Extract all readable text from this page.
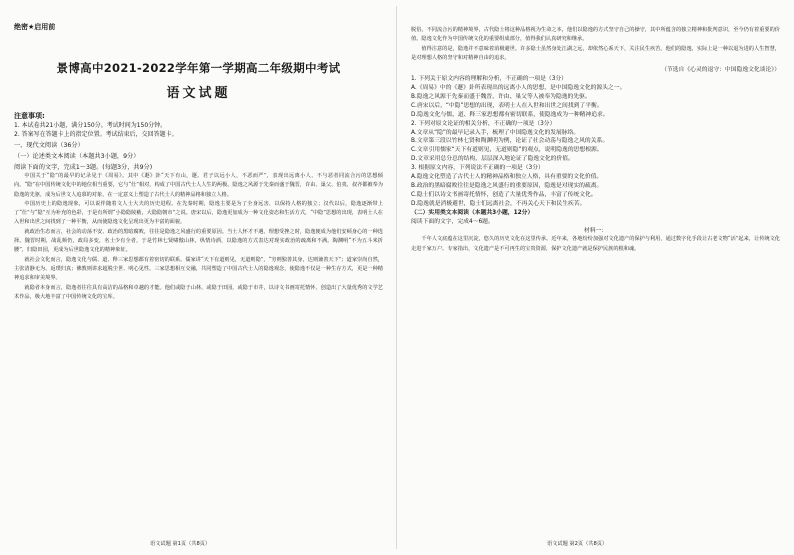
绝密★启用前
景博高中2021-2022学年第一学期高二年级期中考试
语文试题
注意事项:
1. 本试卷共21小题，满分150分。考试时间为150分钟。
2. 答案写在答题卡上的指定位置。考试结束后，交回答题卡。
一、现代文阅读（36分）
（一）论述类文本阅读（本题共3小题，9分）
阅读下面的文字，完成1～3题。(每题3分，共9分)

中国关于“隐”的最早的记录见于《周易》。其中《遯》卦“天下有山，遯。君子以远小人，不恶而严”，表现出远离小人、不与恶者同流合污的思想倾向。“隐”在中国传统文化中的地位相当重要，它与“仕”相对，构成了中国古代士人人生的两极。隐逸之风源于先秦而盛于魏晋，许由、巢父、伯夷、叔齐都被奉为隐逸的先驱，成为后世文人追慕的对象，在一定意义上塑造了古代士人的精神品格和独立人格。

中国历史上的隐逸现象，可以说伴随着文人士大夫的历史进程。在先秦时期，隐逸主要是为了全身远害，以保持人格的独立；汉代以后，隐逸逐渐带上了“仕”与“隐”互为补充的色彩，于是有所谓“小隐隐陵薮，大隐隐朝市”之说。唐宋以后，隐逸更加成为一种文化姿态和生活方式，“中隐”思想的出现，表明士人在入世和出世之间找到了一种平衡，从而使隐逸文化呈现出更为丰富的面貌。

就政治生态而言，社会的动荡不安、政治的黑暗腐败，往往是隐逸之风盛行的重要原因。当士人怀才不遇、理想受挫之时，隐逸便成为他们安顿身心的一种选择。魏晋时期，战乱频仍，政局多变，名士少有全者，于是竹林七贤啸傲山林，纵情诗酒，以隐逸的方式表达对现实政治的疏离和不满。陶渊明“不为五斗米折腰”，归隐田园，更成为后世隐逸文化的精神象征。

就社会文化而言，隐逸文化与儒、道、释三家思想都有着密切的联系。儒家讲“天下有道则见，无道则隐”，“穷则独善其身，达则兼善天下”；道家崇尚自然，主张清静无为、返璞归真；佛教则讲求超脱尘世、明心见性。三家思想相互交融，共同塑造了中国古代士人的隐逸观念，使隐逸不仅是一种生存方式，更是一种精神追求和审美境界。

就隐者本身而言，隐逸者往往具有高洁的品格和卓越的才能。他们或隐于山林，或隐于田园，或隐于市井，以诗文书画寄托情怀，创造出了大量优秀的文学艺术作品，极大地丰富了中国传统文化的宝库。

语文试题 第1页（共8页）

脱俗，不同流合污的精神境界，古代隐士将这种品格视为生命之本，他们以隐逸的方式坚守自己的操守，其中所蕴含的独立精神和批判意识，至今仍有着重要的价值。隐逸文化作为中国传统文化的重要组成部分，值得我们认真研究和继承。

值得注意的是，隐逸并不意味着消极避世。许多隐士虽然身处江湖之远，却依然心系天下，关注民生疾苦。他们的隐逸，实际上是一种以退为进的人生智慧，是对理想人格的坚守和对精神自由的追求。

（节选自《心灵的退守：中国隐逸文化谈论》）
1. 下列关于原文内容的理解和分析，不正确的一项是（3分）
A.《周易》中的《遯》卦所表现出的远离小人的思想，是中国隐逸文化的源头之一。
B.隐逸之风源于先秦而盛于魏晋，许由、巢父等人被奉为隐逸的先驱。
C.唐宋以后，“中隐”思想的出现，表明士人在入世和出世之间找到了平衡。
D.隐逸文化与儒、道、释三家思想都有密切联系，使隐逸成为一种精神追求。
2. 下列对原文论证的相关分析，不正确的一项是（3分）
A.文章从“隐”的最早记录入手，梳理了中国隐逸文化的发展脉络。
B.文章第三段以竹林七贤和陶渊明为例，论证了社会动荡与隐逸之风的关系。
C.文章引用儒家“天下有道则见，无道则隐”的观点，说明隐逸的思想根源。
D.文章采用总分总的结构，层层深入地论证了隐逸文化的价值。
3. 根据原文内容，下列说法不正确的一项是（3分）
A.隐逸文化塑造了古代士人的精神品格和独立人格，具有重要的文化价值。
B.政治的黑暗腐败往往是隐逸之风盛行的重要原因，隐逸是对现实的疏离。
C.隐士们以诗文书画寄托情怀，创造了大量优秀作品，丰富了传统文化。
D.隐逸就是消极避世，隐士们远离社会，不再关心天下和民生疾苦。
（二）实用类文本阅读（本题共3小题，12分）
阅读下面的文字，完成4～6题。
材料一：

千年人文底蕴在这里沉淀，悠久的历史文化在这里传承。近年来，各地纷纷加强对文化遗产的保护与利用，通过数字化手段让古老文物“活”起来，让传统文化走进千家万户。专家指出，文化遗产是不可再生的宝贵资源，保护文化遗产就是保护民族的根和魂。

语文试题 第2页（共8页）
